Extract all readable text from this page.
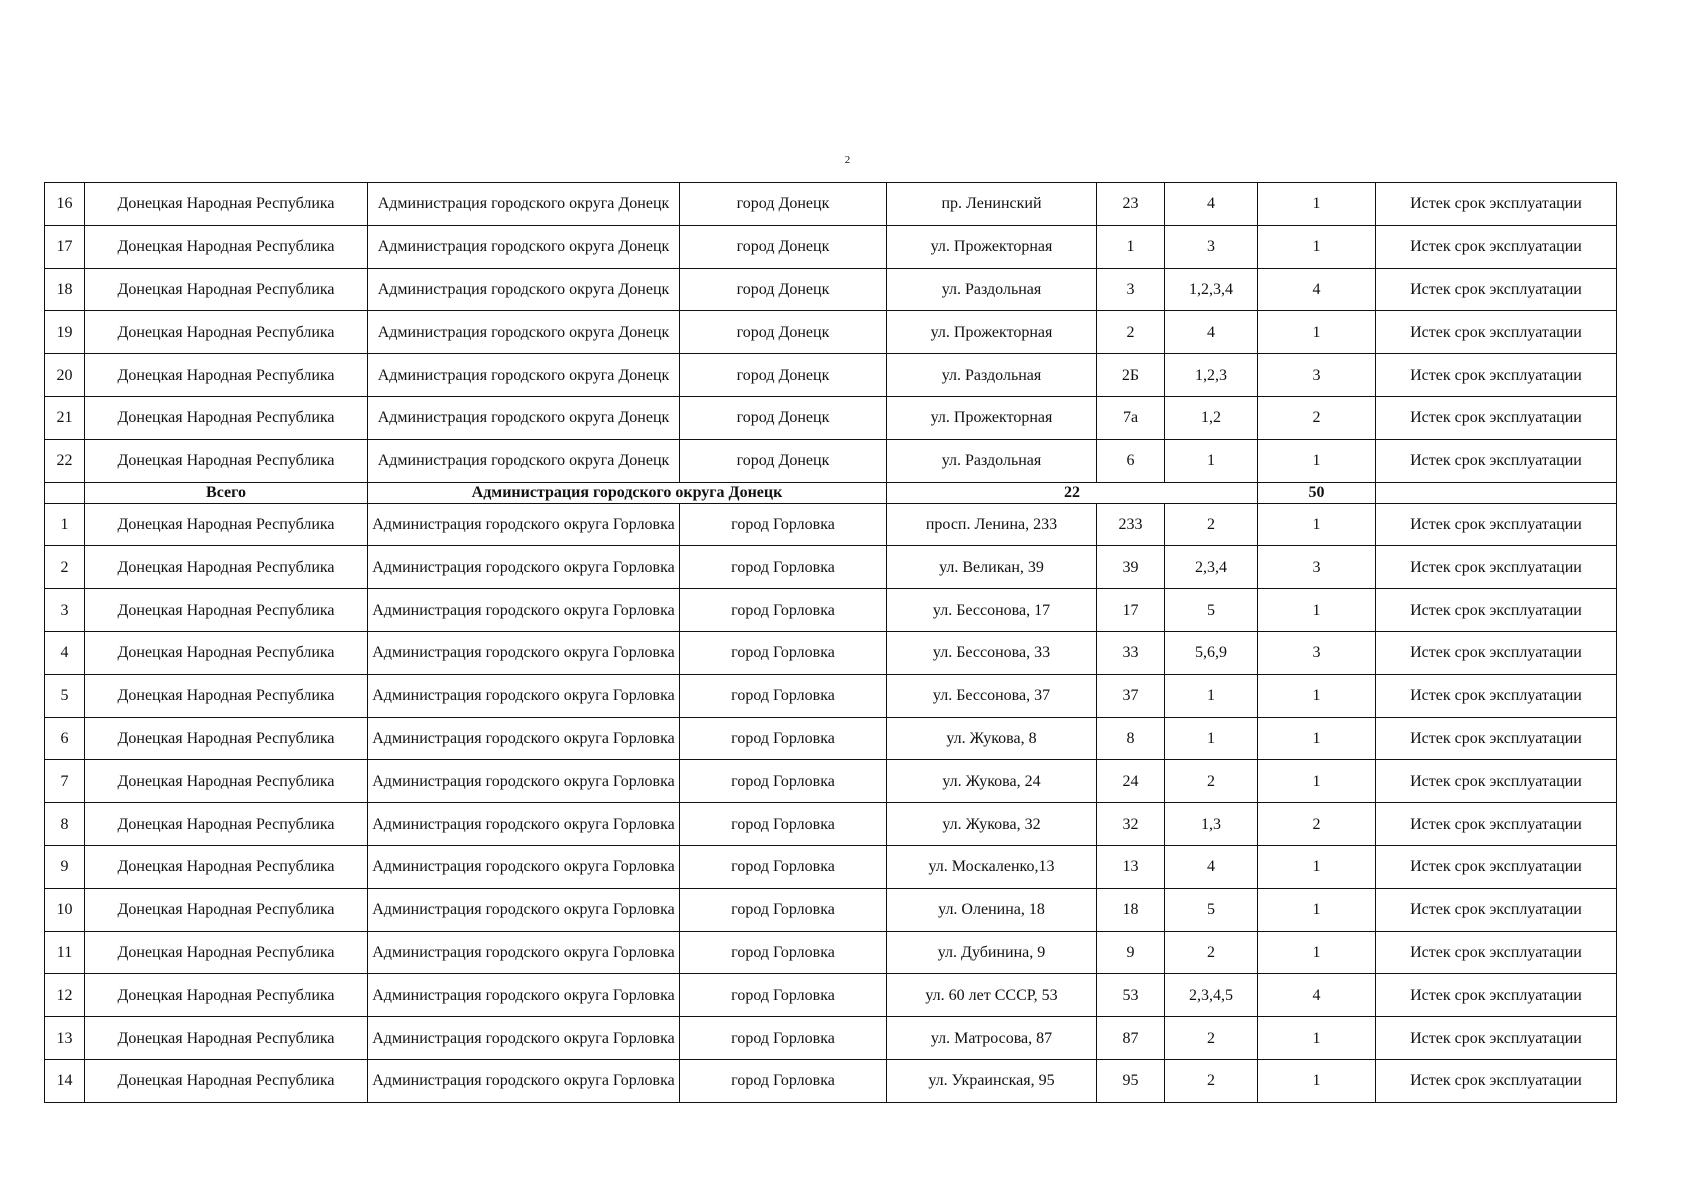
2
16	Донецкая Народная Республика	Администрация городского округа Донецк	город Донецк	пр. Ленинский	23	4	1	Истек срок эксплуатации
17	Донецкая Народная Республика	Администрация городского округа Донецк	город Донецк	ул. Прожекторная	1	3	1	Истек срок эксплуатации
18	Донецкая Народная Республика	Администрация городского округа Донецк	город Донецк	ул. Раздольная	3	1,2,3,4	4	Истек срок эксплуатации
19	Донецкая Народная Республика	Администрация городского округа Донецк	город Донецк	ул. Прожекторная	2	4	1	Истек срок эксплуатации
20	Донецкая Народная Республика	Администрация городского округа Донецк	город Донецк	ул. Раздольная	2Б	1,2,3	3	Истек срок эксплуатации
21	Донецкая Народная Республика	Администрация городского округа Донецк	город Донецк	ул. Прожекторная	7а	1,2	2	Истек срок эксплуатации
22	Донецкая Народная Республика	Администрация городского округа Донецк	город Донецк	ул. Раздольная	6	1	1	Истек срок эксплуатации
	Всего	Администрация городского округа Донецк		22			50	
1	Донецкая Народная Республика	Администрация городского округа Горловка	город Горловка	просп. Ленина, 233	233	2	1	Истек срок эксплуатации
2	Донецкая Народная Республика	Администрация городского округа Горловка	город Горловка	ул. Великан, 39	39	2,3,4	3	Истек срок эксплуатации
3	Донецкая Народная Республика	Администрация городского округа Горловка	город Горловка	ул. Бессонова, 17	17	5	1	Истек срок эксплуатации
4	Донецкая Народная Республика	Администрация городского округа Горловка	город Горловка	ул. Бессонова, 33	33	5,6,9	3	Истек срок эксплуатации
5	Донецкая Народная Республика	Администрация городского округа Горловка	город Горловка	ул. Бессонова, 37	37	1	1	Истек срок эксплуатации
6	Донецкая Народная Республика	Администрация городского округа Горловка	город Горловка	ул. Жукова, 8	8	1	1	Истек срок эксплуатации
7	Донецкая Народная Республика	Администрация городского округа Горловка	город Горловка	ул. Жукова, 24	24	2	1	Истек срок эксплуатации
8	Донецкая Народная Республика	Администрация городского округа Горловка	город Горловка	ул. Жукова, 32	32	1,3	2	Истек срок эксплуатации
9	Донецкая Народная Республика	Администрация городского округа Горловка	город Горловка	ул. Москаленко,13	13	4	1	Истек срок эксплуатации
10	Донецкая Народная Республика	Администрация городского округа Горловка	город Горловка	ул. Оленина, 18	18	5	1	Истек срок эксплуатации
11	Донецкая Народная Республика	Администрация городского округа Горловка	город Горловка	ул. Дубинина, 9	9	2	1	Истек срок эксплуатации
12	Донецкая Народная Республика	Администрация городского округа Горловка	город Горловка	ул. 60 лет СССР, 53	53	2,3,4,5	4	Истек срок эксплуатации
13	Донецкая Народная Республика	Администрация городского округа Горловка	город Горловка	ул. Матросова, 87	87	2	1	Истек срок эксплуатации
14	Донецкая Народная Республика	Администрация городского округа Горловка	город Горловка	ул. Украинская, 95	95	2	1	Истек срок эксплуатации
